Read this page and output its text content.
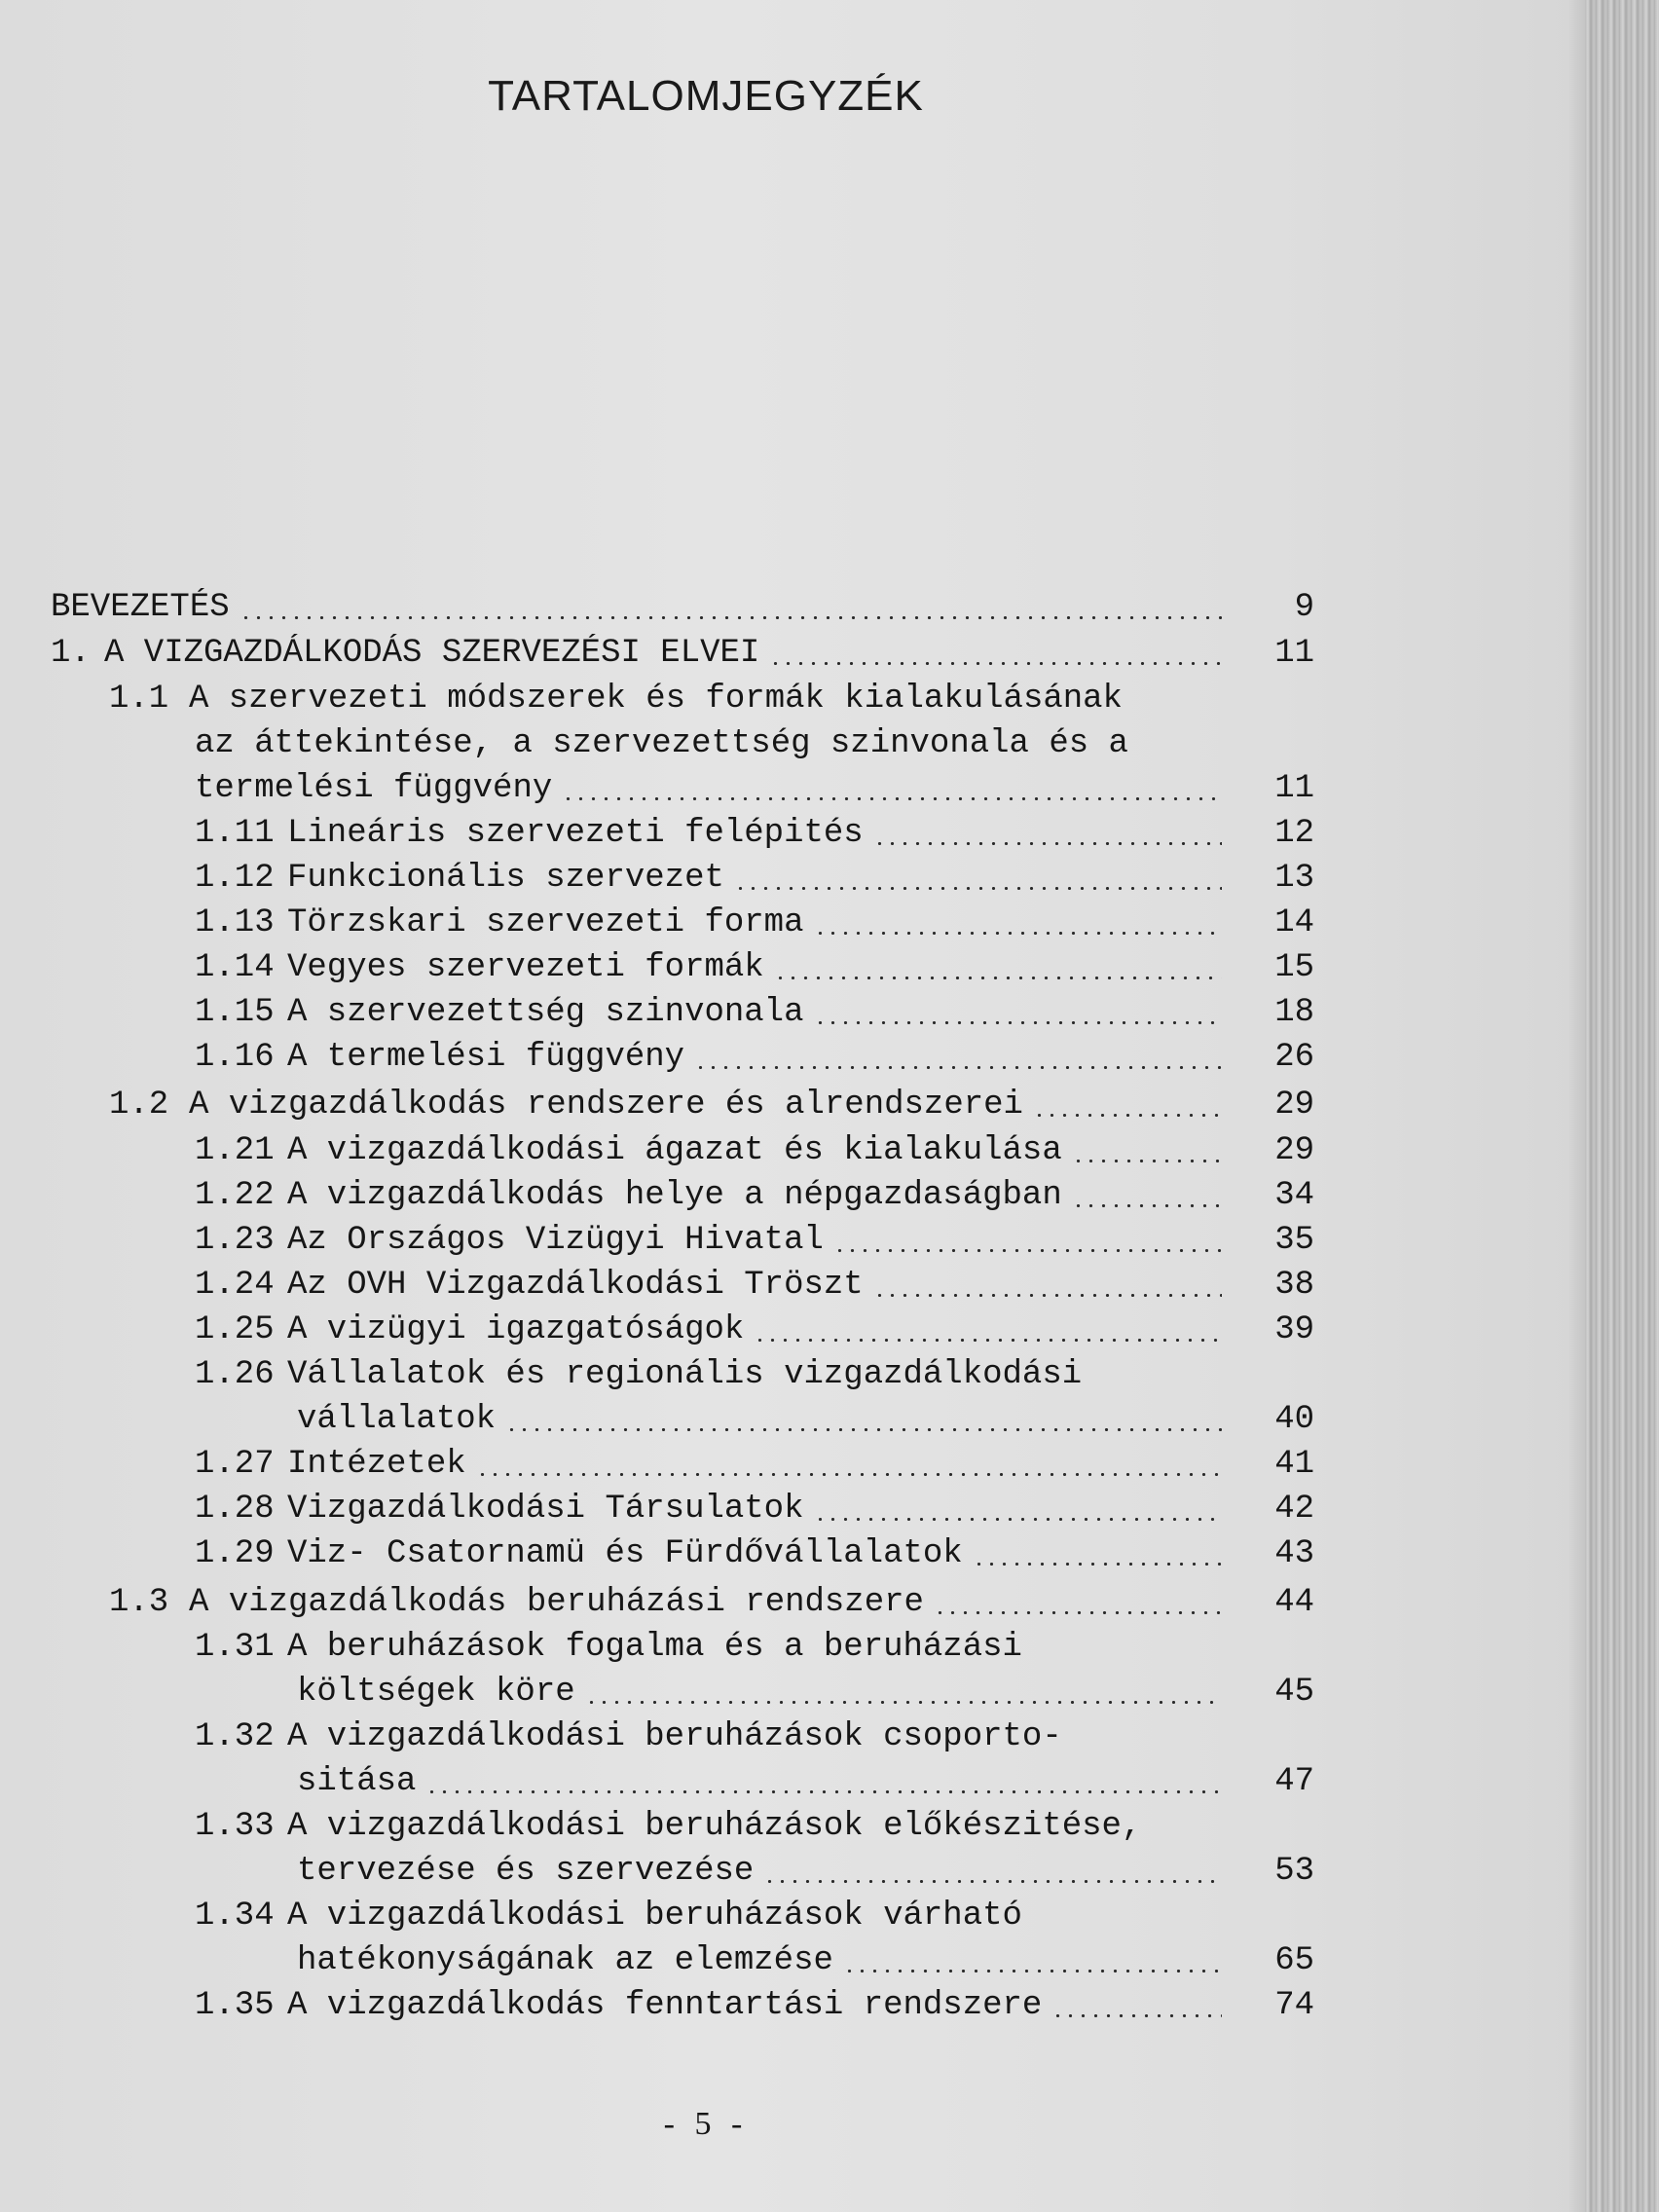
TARTALOMJEGYZÉK
BEVEZETÉS	9
1. A VIZGAZDÁLKODÁS SZERVEZÉSI ELVEI	11
1.1 A szervezeti módszerek és formák kialakulásának
az áttekintése, a szervezettség szinvonala és a
termelési függvény	11
1.11 Lineáris szervezeti felépités	12
1.12 Funkcionális szervezet	13
1.13 Törzskari szervezeti forma	14
1.14 Vegyes szervezeti formák	15
1.15 A szervezettség szinvonala	18
1.16 A termelési függvény	26
1.2 A vizgazdálkodás rendszere és alrendszerei	29
1.21 A vizgazdálkodási ágazat és kialakulása	29
1.22 A vizgazdálkodás helye a népgazdaságban	34
1.23 Az Országos Vizügyi Hivatal	35
1.24 Az OVH Vizgazdálkodási Tröszt	38
1.25 A vizügyi igazgatóságok	39
1.26 Vállalatok és regionális vizgazdálkodási
vállalatok	40
1.27 Intézetek	41
1.28 Vizgazdálkodási Társulatok	42
1.29 Viz- Csatornamü és Fürdővállalatok	43
1.3 A vizgazdálkodás beruházási rendszere	44
1.31 A beruházások fogalma és a beruházási
költségek köre	45
1.32 A vizgazdálkodási beruházások csoporto-
sitása	47
1.33 A vizgazdálkodási beruházások előkészitése,
tervezése és szervezése	53
1.34 A vizgazdálkodási beruházások várható
hatékonyságának az elemzése	65
1.35 A vizgazdálkodás fenntartási rendszere	74
- 5 -
